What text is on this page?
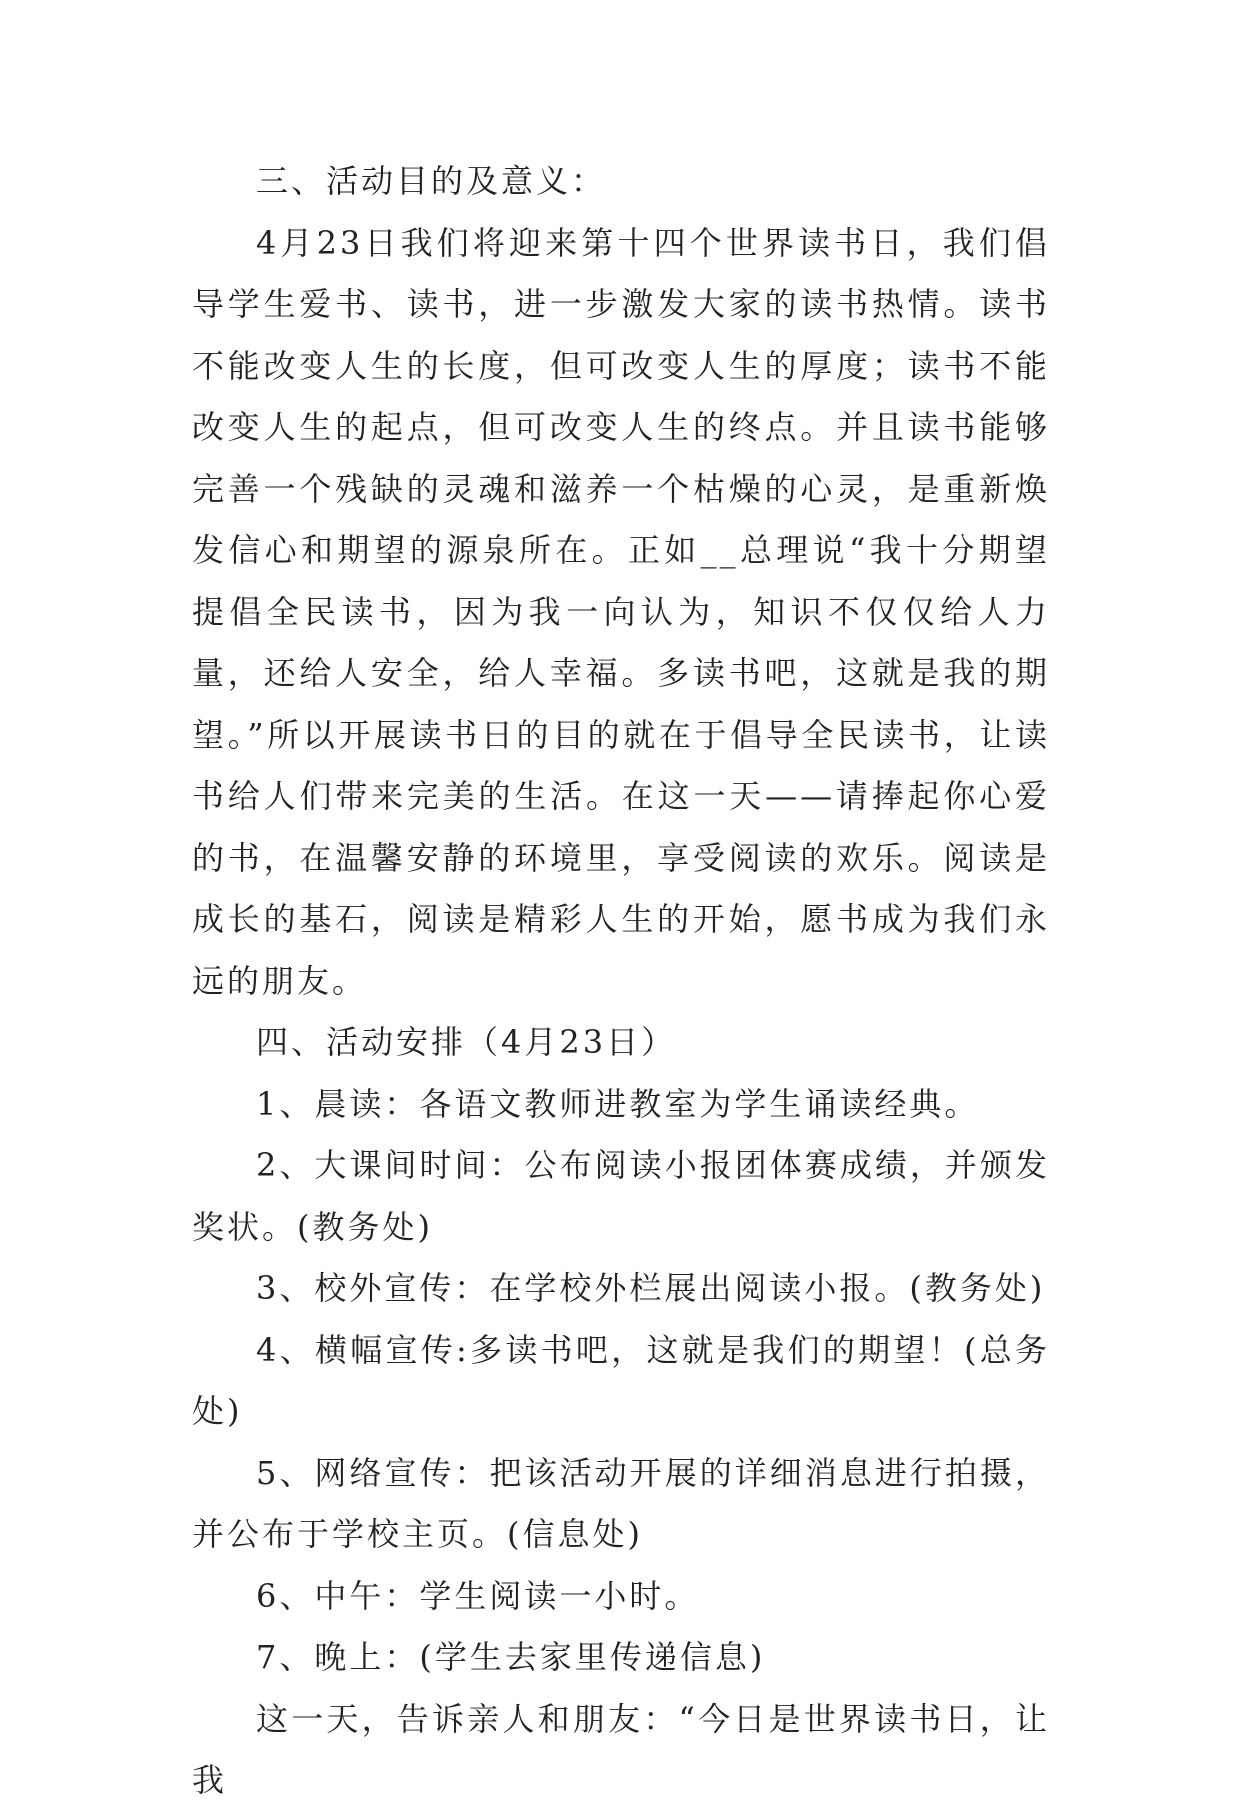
三、活动目的及意义：

4月23日我们将迎来第十四个世界读书日，我们倡导学生爱书、读书，进一步激发大家的读书热情。读书不能改变人生的长度，但可改变人生的厚度；读书不能改变人生的起点，但可改变人生的终点。并且读书能够完善一个残缺的灵魂和滋养一个枯燥的心灵，是重新焕发信心和期望的源泉所在。正如__总理说“我十分期望提倡全民读书，因为我一向认为，知识不仅仅给人力量，还给人安全，给人幸福。多读书吧，这就是我的期望。”所以开展读书日的目的就在于倡导全民读书，让读书给人们带来完美的生活。在这一天——请捧起你心爱的书，在温馨安静的环境里，享受阅读的欢乐。阅读是成长的基石，阅读是精彩人生的开始，愿书成为我们永远的朋友。

四、活动安排（4月23日）

1、晨读：各语文教师进教室为学生诵读经典。

2、大课间时间：公布阅读小报团体赛成绩，并颁发奖状。(教务处)

3、校外宣传：在学校外栏展出阅读小报。(教务处)

4、横幅宣传:多读书吧，这就是我们的期望！(总务处)

5、网络宣传：把该活动开展的详细消息进行拍摄，并公布于学校主页。(信息处)

6、中午：学生阅读一小时。

7、晚上：(学生去家里传递信息)

这一天，告诉亲人和朋友：“今日是世界读书日，让我
